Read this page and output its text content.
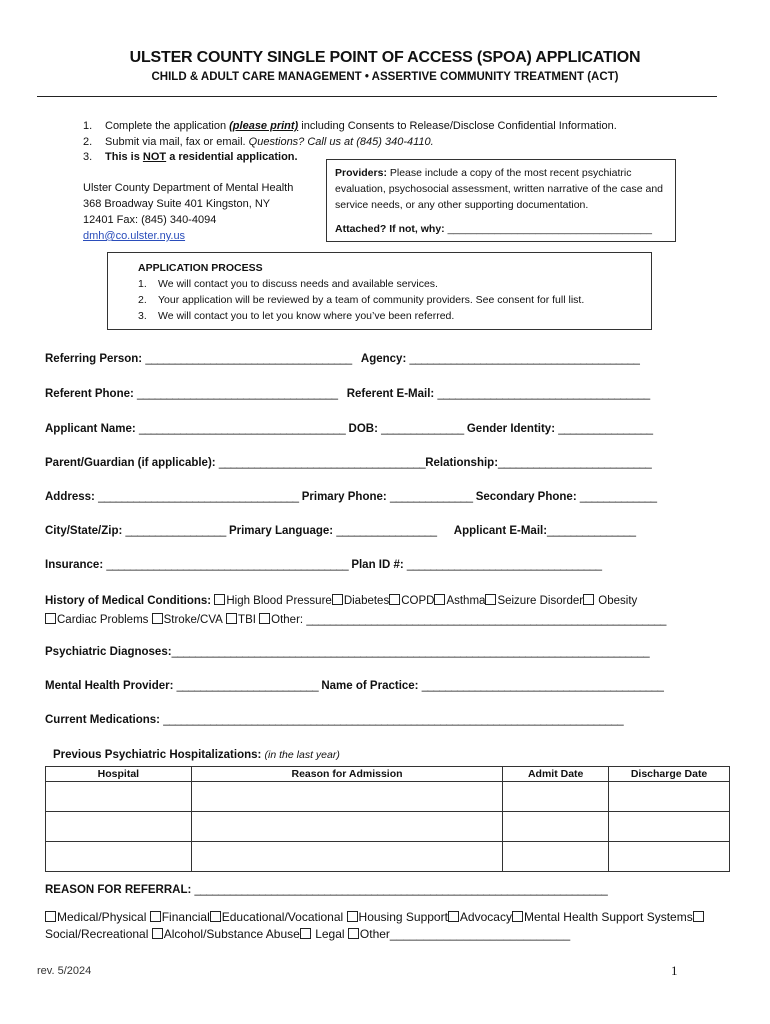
ULSTER COUNTY SINGLE POINT OF ACCESS (SPOA) APPLICATION
CHILD & ADULT CARE MANAGEMENT • ASSERTIVE COMMUNITY TREATMENT (ACT)
1. Complete the application (please print) including Consents to Release/Disclose Confidential Information.
2. Submit via mail, fax or email. Questions? Call us at (845) 340-4110.
3. This is NOT a residential application.
Ulster County Department of Mental Health
368 Broadway Suite 401 Kingston, NY
12401 Fax: (845) 340-4094
dmh@co.ulster.ny.us
Providers: Please include a copy of the most recent psychiatric evaluation, psychosocial assessment, written narrative of the case and service needs, or any other supporting documentation.
Attached? If not, why: ___________________________________
APPLICATION PROCESS
1. We will contact you to discuss needs and available services.
2. Your application will be reviewed by a team of community providers. See consent for full list.
3. We will contact you to let you know where you’ve been referred.
Referring Person: ___________________________________ Agency: _______________________________________
Referent Phone: __________________________________ Referent E-Mail: ____________________________________
Applicant Name: ___________________________________ DOB: ______________ Gender Identity: ________________
Parent/Guardian (if applicable): ___________________________________Relationship:__________________________
Address: __________________________________ Primary Phone: ______________ Secondary Phone: _____________
City/State/Zip: _________________ Primary Language: _________________ Applicant E-Mail:_______________
Insurance: _________________________________________ Plan ID #: _________________________________
History of Medical Conditions: High Blood Pressure Diabetes COPD Asthma Seizure Disorder Obesity
Cardiac Problems Stroke/CVA TBI Other: _____________________________________________________________
Psychiatric Diagnoses:_________________________________________________________________________________
Mental Health Provider: ________________________ Name of Practice: _________________________________________
Current Medications: ______________________________________________________________________________
Previous Psychiatric Hospitalizations: (in the last year)
Hospital	Reason for Admission	Admit Date	Discharge Date

REASON FOR REFERRAL: ______________________________________________________________________
Medical/Physical Financial Educational/Vocational Housing Support Advocacy Mental Health Support SystemsSocial/Recreational Alcohol/Substance Abuse Legal Other___________________________
rev. 5/2024	1
